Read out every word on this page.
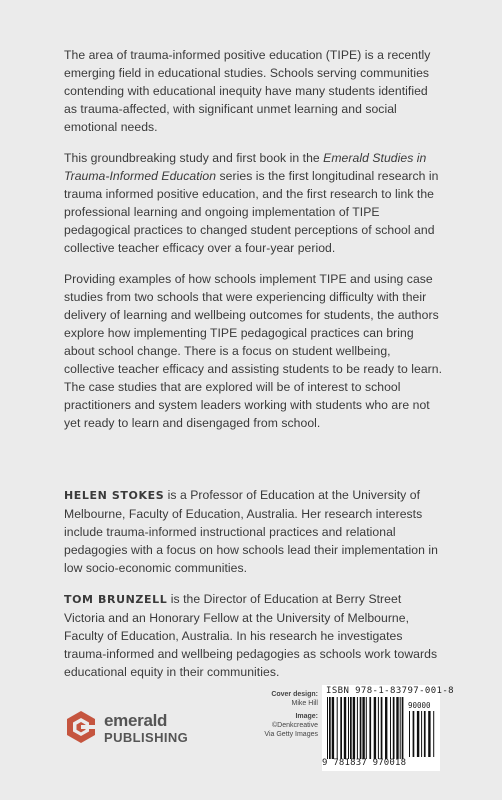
The area of trauma-informed positive education (TIPE) is a recently emerging field in educational studies. Schools serving communities contending with educational inequity have many students identified as trauma-affected, with significant unmet learning and social emotional needs.

This groundbreaking study and first book in the Emerald Studies in Trauma-Informed Education series is the first longitudinal research in trauma informed positive education, and the first research to link the professional learning and ongoing implementation of TIPE pedagogical practices to changed student perceptions of school and collective teacher efficacy over a four-year period.

Providing examples of how schools implement TIPE and using case studies from two schools that were experiencing difficulty with their delivery of learning and wellbeing outcomes for students, the authors explore how implementing TIPE pedagogical practices can bring about school change. There is a focus on student wellbeing, collective teacher efficacy and assisting students to be ready to learn. The case studies that are explored will be of interest to school practitioners and system leaders working with students who are not yet ready to learn and disengaged from school.

HELEN STOKES is a Professor of Education at the University of Melbourne, Faculty of Education, Australia. Her research interests include trauma-informed instructional practices and relational pedagogies with a focus on how schools lead their implementation in low socio-economic communities.

TOM BRUNZELL is the Director of Education at Berry Street Victoria and an Honorary Fellow at the University of Melbourne, Faculty of Education, Australia. In his research he investigates trauma-informed and wellbeing pedagogies as schools work towards educational equity in their communities.

emerald
PUBLISHING
Cover design:
Mike Hill
Image:
©Denkcreative
Via Getty Images
ISBN 978-1-83797-001-8
90000
9 781837 970018
